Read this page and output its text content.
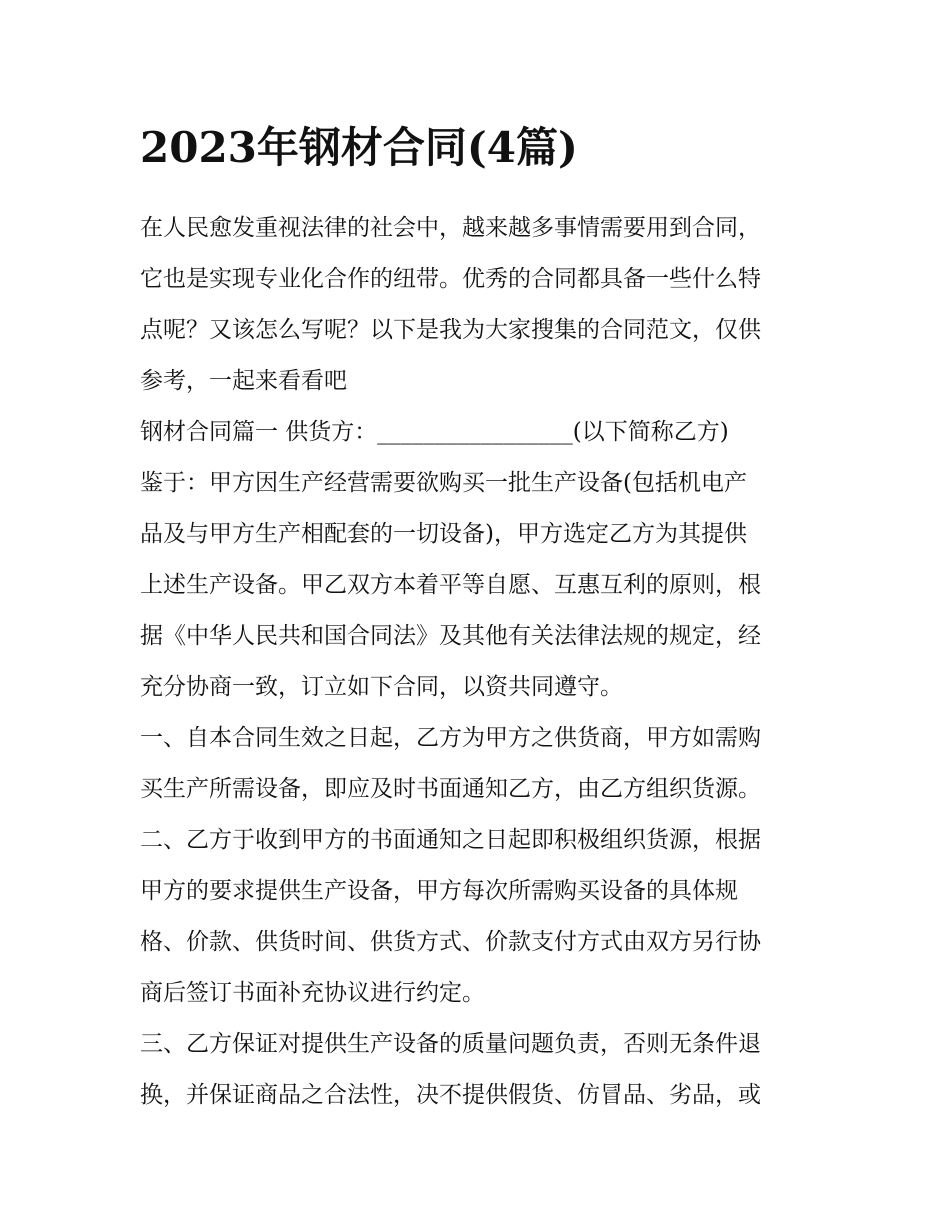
2023年钢材合同(4篇)
在人民愈发重视法律的社会中，越来越多事情需要用到合同，
它也是实现专业化合作的纽带。优秀的合同都具备一些什么特
点呢？又该怎么写呢？以下是我为大家搜集的合同范文，仅供
参考，一起来看看吧
钢材合同篇一 供货方：_________________(以下简称乙方)
鉴于：甲方因生产经营需要欲购买一批生产设备(包括机电产
品及与甲方生产相配套的一切设备)，甲方选定乙方为其提供
上述生产设备。甲乙双方本着平等自愿、互惠互利的原则，根
据《中华人民共和国合同法》及其他有关法律法规的规定，经
充分协商一致，订立如下合同，以资共同遵守。
一、自本合同生效之日起，乙方为甲方之供货商，甲方如需购
买生产所需设备，即应及时书面通知乙方，由乙方组织货源。
二、乙方于收到甲方的书面通知之日起即积极组织货源，根据
甲方的要求提供生产设备，甲方每次所需购买设备的具体规
格、价款、供货时间、供货方式、价款支付方式由双方另行协
商后签订书面补充协议进行约定。
三、乙方保证对提供生产设备的质量问题负责，否则无条件退
换，并保证商品之合法性，决不提供假货、仿冒品、劣品，或
